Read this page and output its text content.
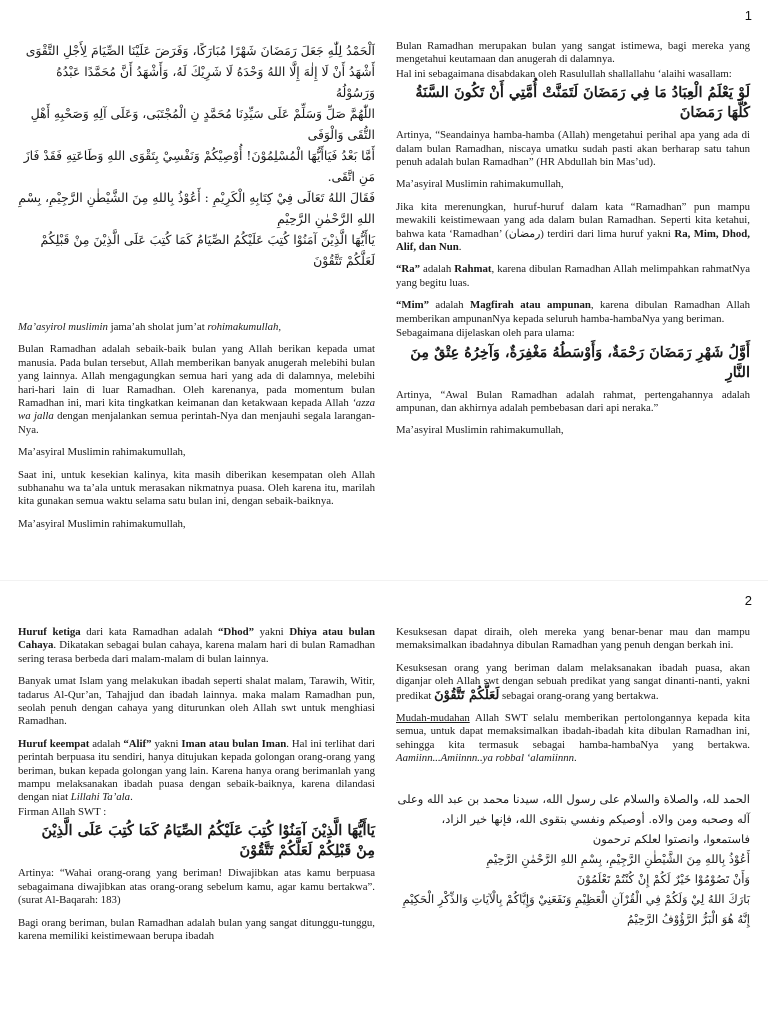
1
اَلْحَمْدُ لِلّٰهِ جَعَلَ رَمَضَانَ شَهْرًا مُبَارَكًا، وَفَرَضَ عَلَيْنَا الصِّيَامَ لِأَجْلِ التَّقْوَى
أَشْهَدُ أَنْ لَا إِلٰهَ إِلَّا اللهُ وَحْدَهُ لَا شَرِيْكَ لَهُ، وَأَشْهَدُ أَنَّ مُحَمَّدًا عَبْدُهُ وَرَسُوْلُهُ
اللّٰهُمَّ صَلِّ وَسَلِّمْ عَلَى سَيِّدِنَا مُحَمَّدٍ نِ الْمُجْتَبَى، وَعَلَى آلِهِ وَصَحْبِهِ أَهْلِ التُّقَى وَالْوَفَى
أَمَّا بَعْدُ فَيَاأَيُّهَا الْمُسْلِمُوْنَ! أُوْصِيْكُمْ وَنَفْسِيْ بِتَقْوَى اللهِ وَطَاعَتِهِ فَقَدْ فَازَ مَنِ اتَّقَى.
فَقَالَ اللهُ تَعَالَى فِيْ كِتَابِهِ الْكَرِيْمِ : أَعُوْذُ بِاللهِ مِنَ الشَّيْطٰنِ الرَّجِيْمِ، بِسْمِ اللهِ الرَّحْمٰنِ الرَّحِيْمِ
يَاأَيُّهَا الَّذِيْنَ آمَنُوْا كُتِبَ عَلَيْكُمُ الصِّيَامُ كَمَا كُتِبَ عَلَى الَّذِيْنَ مِنْ قَبْلِكُمْ لَعَلَّكُمْ تَتَّقُوْنَ

Ma’asyirol muslimin jama’ah sholat jum’at rohimakumullah,

Bulan Ramadhan adalah sebaik-baik bulan yang Allah berikan kepada umat manusia. Pada bulan tersebut, Allah memberikan banyak anugerah melebihi bulan yang lainnya. Allah mengagungkan semua hari yang ada di dalamnya, melebihi hari-hari lain di luar Ramadhan. Oleh karenanya, pada momentum bulan Ramadhan ini, mari kita tingkatkan keimanan dan ketakwaan kepada Allah ‘azza wa jalla dengan menjalankan semua perintah-Nya dan menjauhi segala larangan-Nya.

Ma’asyiral Muslimin rahimakumullah,

Saat ini, untuk kesekian kalinya, kita masih diberikan kesempatan oleh Allah subhanahu wa ta’ala untuk merasakan nikmatnya puasa. Oleh karena itu, marilah kita gunakan semua waktu selama satu bulan ini, dengan sebaik-baiknya.

Ma’asyiral Muslimin rahimakumullah,

Bulan Ramadhan merupakan bulan yang sangat istimewa, bagi mereka yang mengetahui keutamaan dan anugerah di dalamnya.

Hal ini sebagaimana disabdakan oleh Rasulullah shallallahu ‘alaihi wasallam:

لَوْ يَعْلَمُ الْعِبَادُ مَا فِي رَمَضَانَ لَتَمَنَّتْ أُمَّتِي أَنْ تَكُونَ السَّنَةُ كُلَّهَا رَمَضَانَ

Artinya, “Seandainya hamba-hamba (Allah) mengetahui perihal apa yang ada di dalam bulan Ramadhan, niscaya umatku sudah pasti akan berharap satu tahun penuh adalah bulan Ramadhan” (HR Abdullah bin Mas’ud).

Ma’asyiral Muslimin rahimakumullah,

Jika kita merenungkan, huruf-huruf dalam kata “Ramadhan” pun mampu mewakili keistimewaan yang ada dalam bulan Ramadhan. Seperti kita ketahui, bahwa kata ‘Ramadhan’ (رمضان) terdiri dari lima huruf yakni Ra, Mim, Dhod, Alif, dan Nun.

“Ra” adalah Rahmat, karena dibulan Ramadhan Allah melimpahkan rahmatNya yang begitu luas.

“Mim” adalah Magfirah atau ampunan, karena dibulan Ramadhan Allah memberikan ampunanNya kepada seluruh hamba-hambaNya yang beriman.

Sebagaimana dijelaskan oleh para ulama:

أَوَّلُ شَهْرِ رَمَضَانَ رَحْمَةٌ، وَأَوْسَطُهُ مَغْفِرَةٌ، وَآخِرُهُ عِتْقٌ مِنَ النَّارِ

Artinya, “Awal Bulan Ramadhan adalah rahmat, pertengahannya adalah ampunan, dan akhirnya adalah pembebasan dari api neraka.”

Ma’asyiral Muslimin rahimakumullah,

2

Huruf ketiga dari kata Ramadhan adalah “Dhod” yakni Dhiya atau bulan Cahaya. Dikatakan sebagai bulan cahaya, karena malam hari di bulan Ramadhan sering terasa berbeda dari malam-malam di bulan lainnya.

Banyak umat Islam yang melakukan ibadah seperti shalat malam, Tarawih, Witir, tadarus Al-Qur’an, Tahajjud dan ibadah lainnya. maka malam Ramadhan pun, seolah penuh dengan cahaya yang diturunkan oleh Allah swt untuk menghiasi Ramadhan.

Huruf keempat adalah “Alif” yakni Iman atau bulan Iman. Hal ini terlihat dari perintah berpuasa itu sendiri, hanya ditujukan kepada golongan orang-orang yang beriman, bukan kepada golongan yang lain. Karena hanya orang berimanlah yang mampu melaksanakan ibadah puasa dengan sebaik-baiknya, karena dilandasi dengan niat Lillahi Ta’ala.

Firman Allah SWT :

يَاأَيُّهَا الَّذِيْنَ آمَنُوْا كُتِبَ عَلَيْكُمُ الصِّيَامُ كَمَا كُتِبَ عَلَى الَّذِيْنَ مِنْ قَبْلِكُمْ لَعَلَّكُمْ تَتَّقُوْنَ

Artinya: “Wahai orang-orang yang beriman! Diwajibkan atas kamu berpuasa sebagaimana diwajibkan atas orang-orang sebelum kamu, agar kamu bertakwa”. (surat Al-Baqarah: 183)

Bagi orang beriman, bulan Ramadhan adalah bulan yang sangat ditunggu-tunggu, karena memiliki keistimewaan berupa ibadah

Kesuksesan dapat diraih, oleh mereka yang benar-benar mau dan mampu memaksimalkan ibadahnya dibulan Ramadhan yang penuh dengan berkah ini.

Kesuksesan orang yang beriman dalam melaksanakan ibadah puasa, akan diganjar oleh Allah swt dengan sebuah predikat yang sangat dinanti-nanti, yakni predikat لَعَلَّكُمْ تَتَّقُوْنَ sebagai orang-orang yang bertakwa.

Mudah-mudahan Allah SWT selalu memberikan pertolongannya kepada kita semua, untuk dapat memaksimalkan ibadah-ibadah kita dibulan Ramadhan ini, sehingga kita termasuk sebagai hamba-hambaNya yang bertakwa. Aamiinn...Amiinnn..ya robbal ‘alamiinnn.

الحمد لله، والصلاة والسلام على رسول الله، سيدنا محمد بن عبد الله وعلى آله وصحبه ومن والاه. أوصيكم ونفسي بتقوى الله، فإنها خير الزاد، فاستمعوا، وانصتوا لعلكم ترحمون
أَعُوْذُ بِاللهِ مِنَ الشَّيْطٰنِ الرَّجِيْمِ، بِسْمِ اللهِ الرَّحْمٰنِ الرَّحِيْمِ
وَأَنْ تَصُوْمُوْا خَيْرٌ لَكُمْ إِنْ كُنْتُمْ تَعْلَمُوْنَ
بَارَكَ اللهُ لِيْ وَلَكُمْ فِي الْقُرْآنِ الْعَظِيْمِ وَنَفَعَنِيْ وَإِيَّاكُمْ بِالْآيَاتِ وَالذِّكْرِ الْحَكِيْمِ إِنَّهُ هُوَ الْبَرُّ الرَّؤُوْفُ الرَّحِيْمُ
